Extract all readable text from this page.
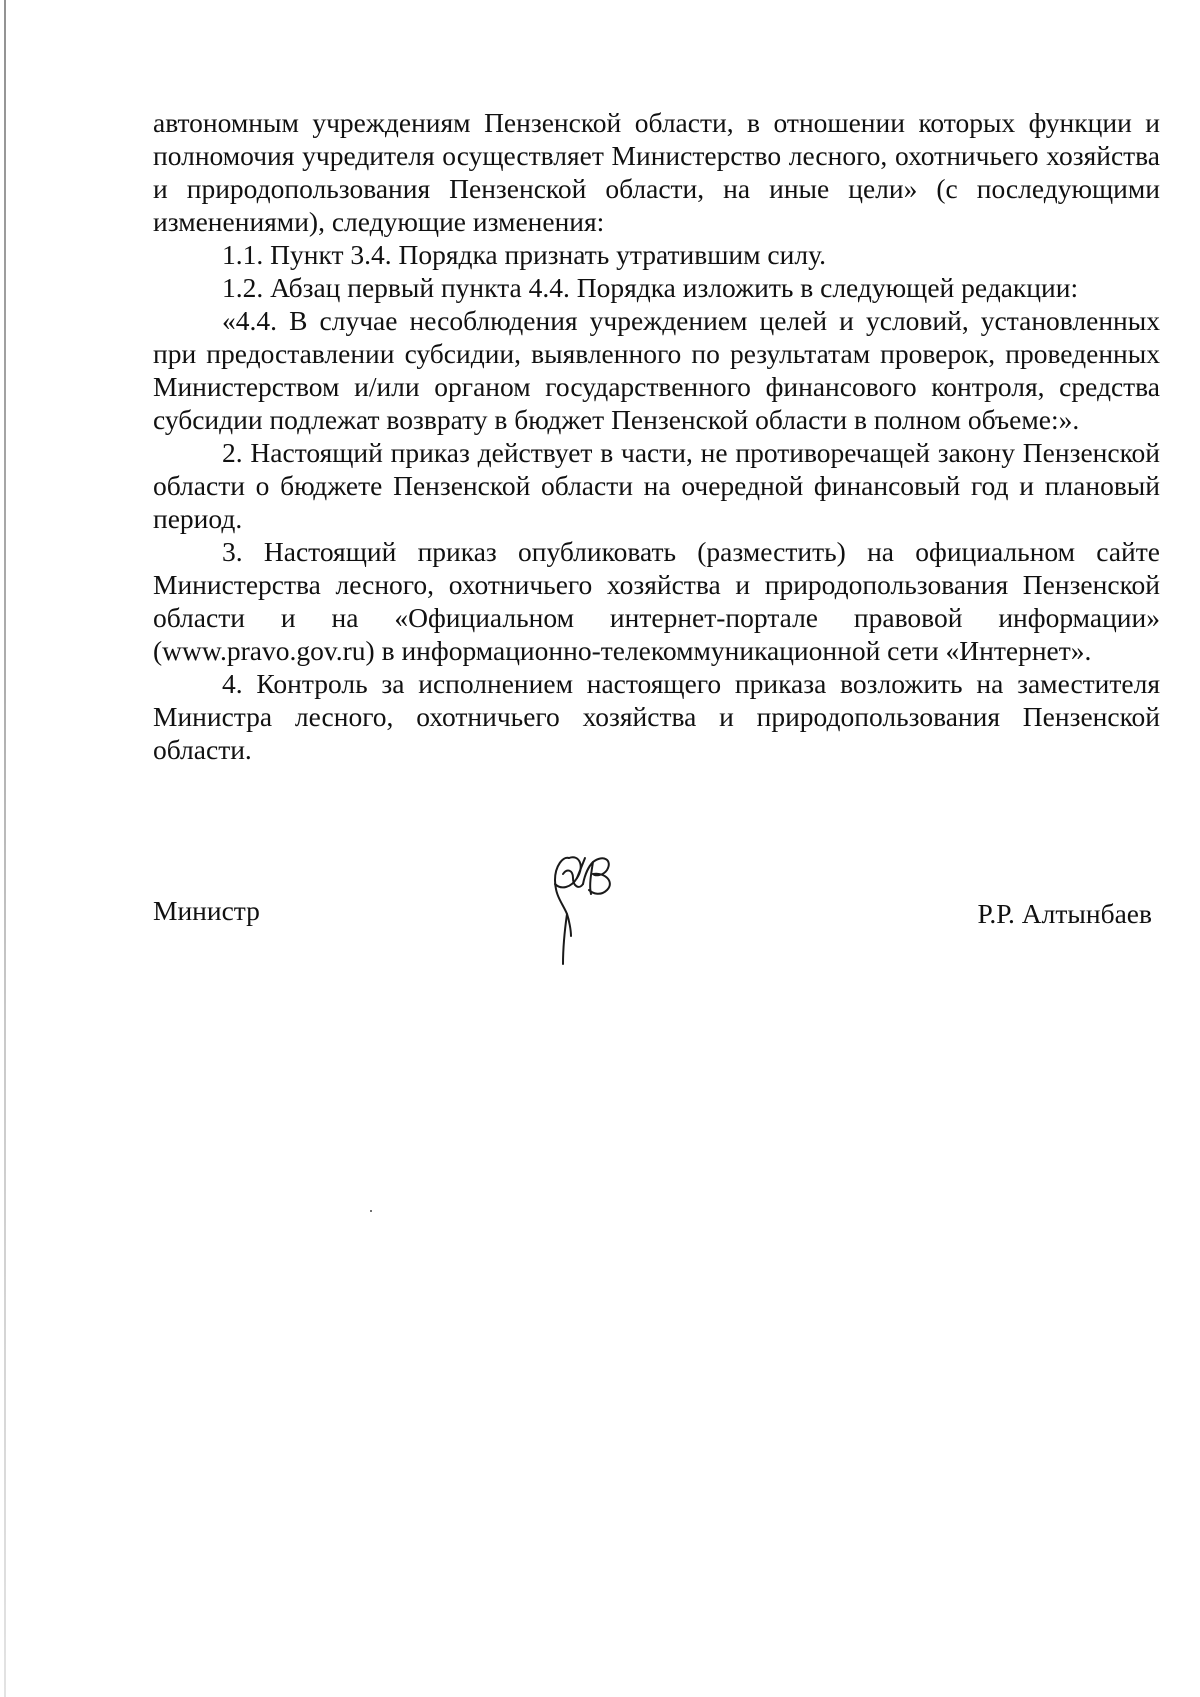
автономным учреждениям Пензенской области, в отношении которых функции и полномочия учредителя осуществляет Министерство лесного, охотничьего хозяйства и природопользования Пензенской области, на иные цели» (с последующими изменениями), следующие изменения:

1.1. Пункт 3.4. Порядка признать утратившим силу.

1.2. Абзац первый пункта 4.4. Порядка изложить в следующей редакции:

«4.4. В случае несоблюдения учреждением целей и условий, установленных при предоставлении субсидии, выявленного по результатам проверок, проведенных Министерством и/или органом государственного финансового контроля, средства субсидии подлежат возврату в бюджет Пензенской области в полном объеме:».

2. Настоящий приказ действует в части, не противоречащей закону Пензенской области о бюджете Пензенской области на очередной финансовый год и плановый период.

3. Настоящий приказ опубликовать (разместить) на официальном сайте Министерства лесного, охотничьего хозяйства и природопользования Пензенской области и на «Официальном интернет-портале правовой информации» (www.pravo.gov.ru) в информационно-телекоммуникационной сети «Интернет».

4. Контроль за исполнением настоящего приказа возложить на заместителя Министра лесного, охотничьего хозяйства и природопользования Пензенской области.

Министр	Р.Р. Алтынбаев
